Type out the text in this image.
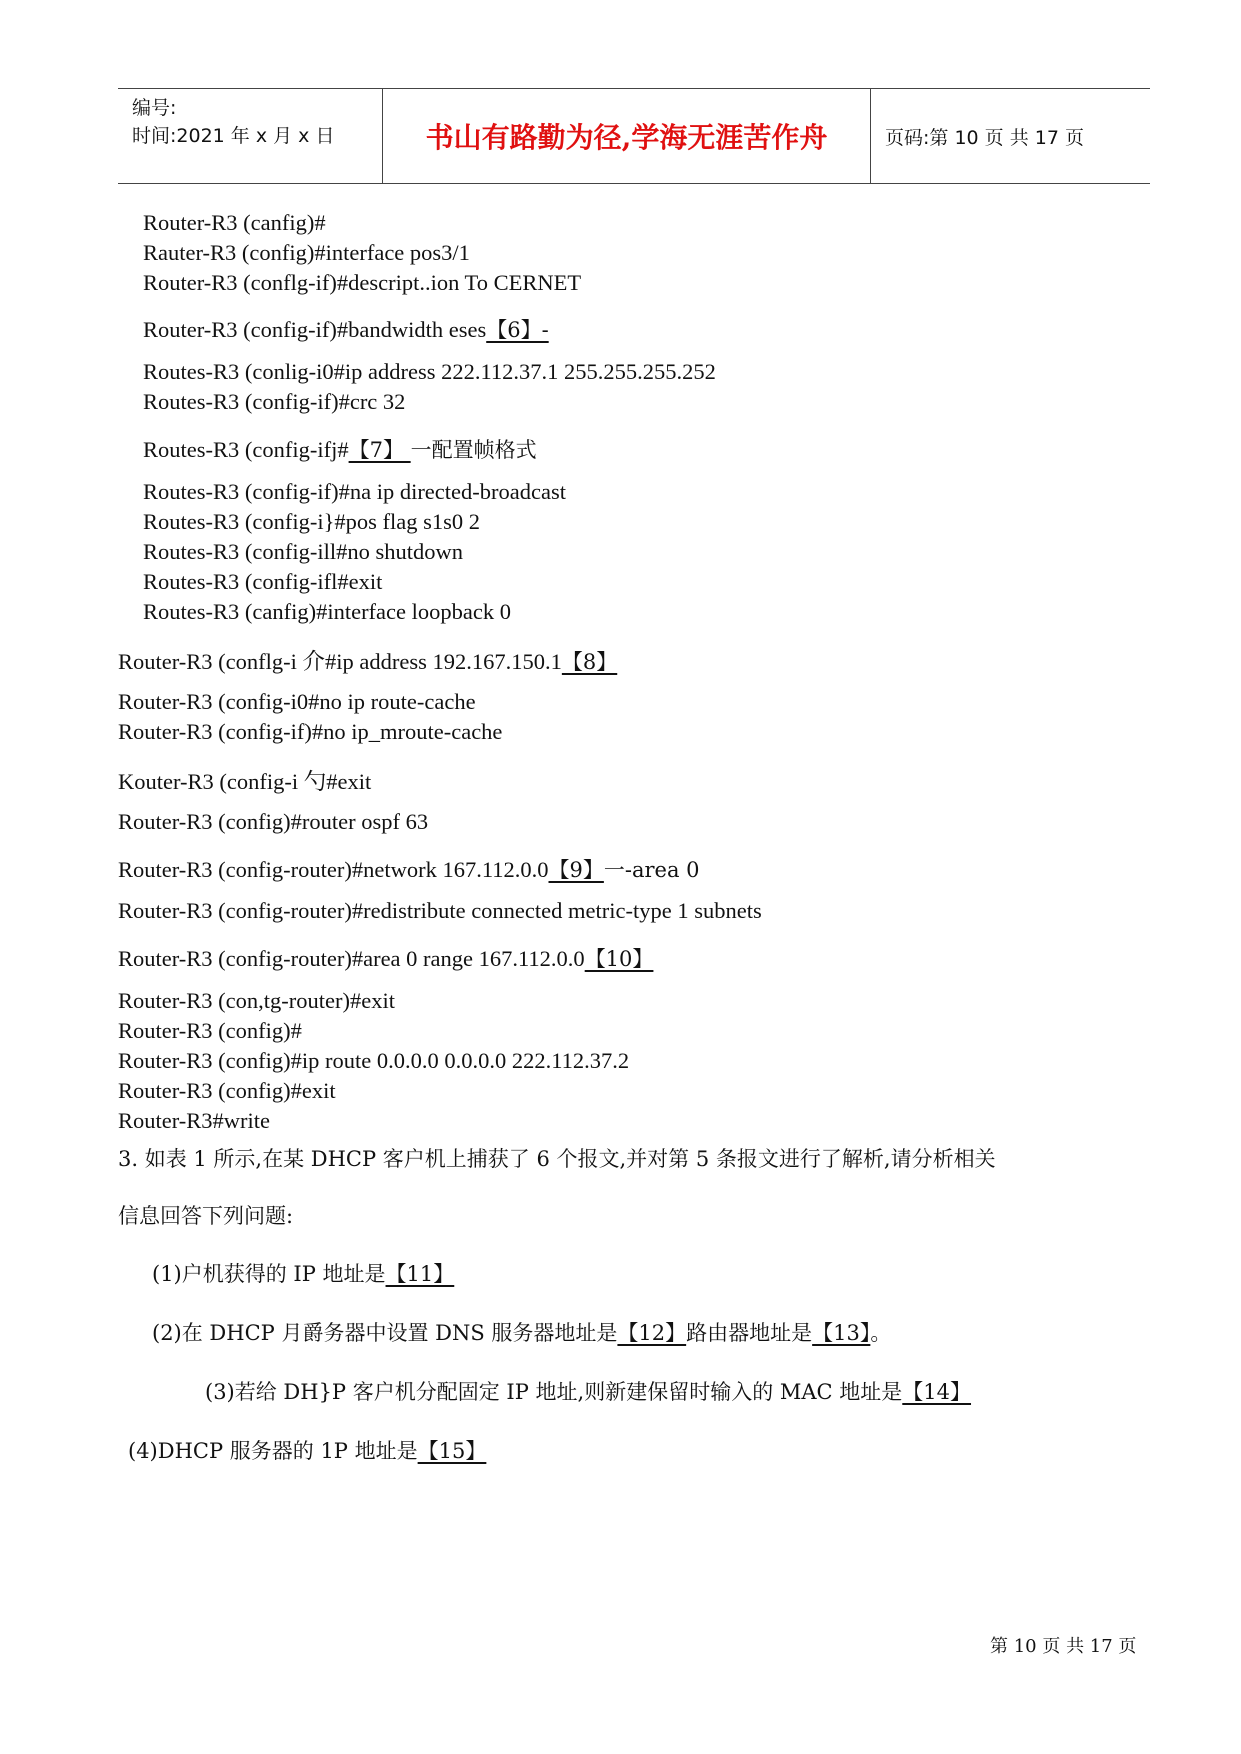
编号:
时间:2021 年 x 月 x 日	书山有路勤为径,学海无涯苦作舟	页码:第 10 页 共 17 页
Router-R3 (canfig)#
Rauter-R3 (config)#interface pos3/1
Router-R3 (conflg-if)#descript..ion To CERNET
Router-R3 (config-if)#bandwidth eses【6】-
Routes-R3 (conlig-i0#ip address 222.112.37.1 255.255.255.252
Routes-R3 (config-if)#crc 32
Routes-R3 (config-ifj#【7】 一配置帧格式
Routes-R3 (config-if)#na ip directed-broadcast
Routes-R3 (config-i}#pos flag s1s0 2
Routes-R3 (config-ill#no shutdown
Routes-R3 (config-ifl#exit
Routes-R3 (canfig)#interface loopback 0
Router-R3 (conflg-i 介#ip address 192.167.150.1【8】
Router-R3 (config-i0#no ip route-cache
Router-R3 (config-if)#no ip_mroute-cache
Kouter-R3 (config-i 勺#exit
Router-R3 (config)#router ospf 63
Router-R3 (config-router)#network 167.112.0.0【9】一-area 0
Router-R3 (config-router)#redistribute connected metric-type 1 subnets
Router-R3 (config-router)#area 0 range 167.112.0.0【10】
Router-R3 (con,tg-router)#exit
Router-R3 (config)#
Router-R3 (config)#ip route 0.0.0.0 0.0.0.0 222.112.37.2
Router-R3 (config)#exit
Router-R3#write
3. 如表 1 所示,在某 DHCP 客户机上捕获了 6 个报文,并对第 5 条报文进行了解析,请分析相关
信息回答下列问题:
(1)户机获得的 IP 地址是【11】
(2)在 DHCP 月爵务器中设置 DNS 服务器地址是【12】路由器地址是【13】。
(3)若给 DH}P 客户机分配固定 IP 地址,则新建保留时输入的 MAC 地址是【14】
(4)DHCP 服务器的 1P 地址是【15】
第 10 页 共 17 页
